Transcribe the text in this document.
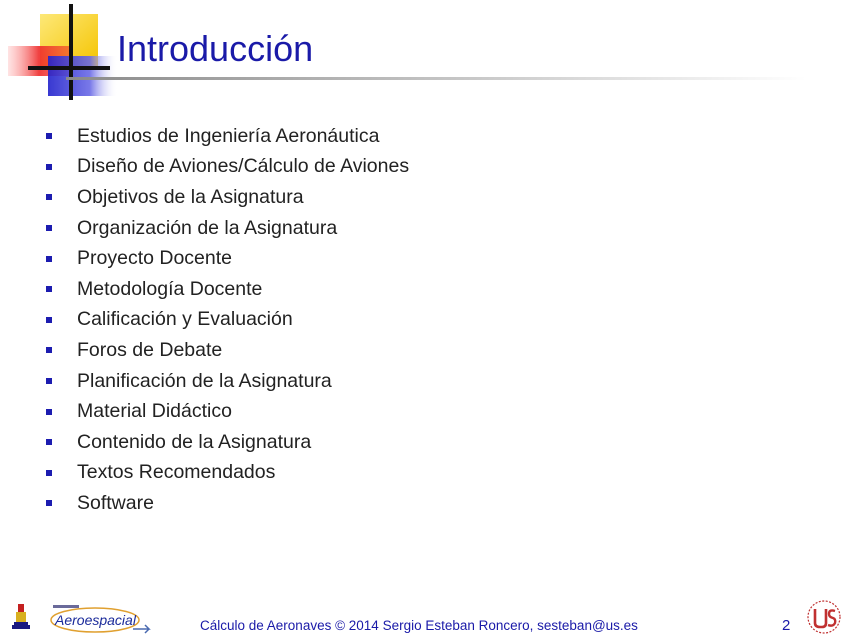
Introducción
Estudios de Ingeniería Aeronáutica
Diseño de Aviones/Cálculo de Aviones
Objetivos de la Asignatura
Organización de la Asignatura
Proyecto Docente
Metodología Docente
Calificación y Evaluación
Foros de Debate
Planificación de la Asignatura
Material Didáctico
Contenido de la Asignatura
Textos Recomendados
Software
Aeroespacial	Cálculo de Aeronaves © 2014 Sergio Esteban Roncero, sesteban@us.es	2
